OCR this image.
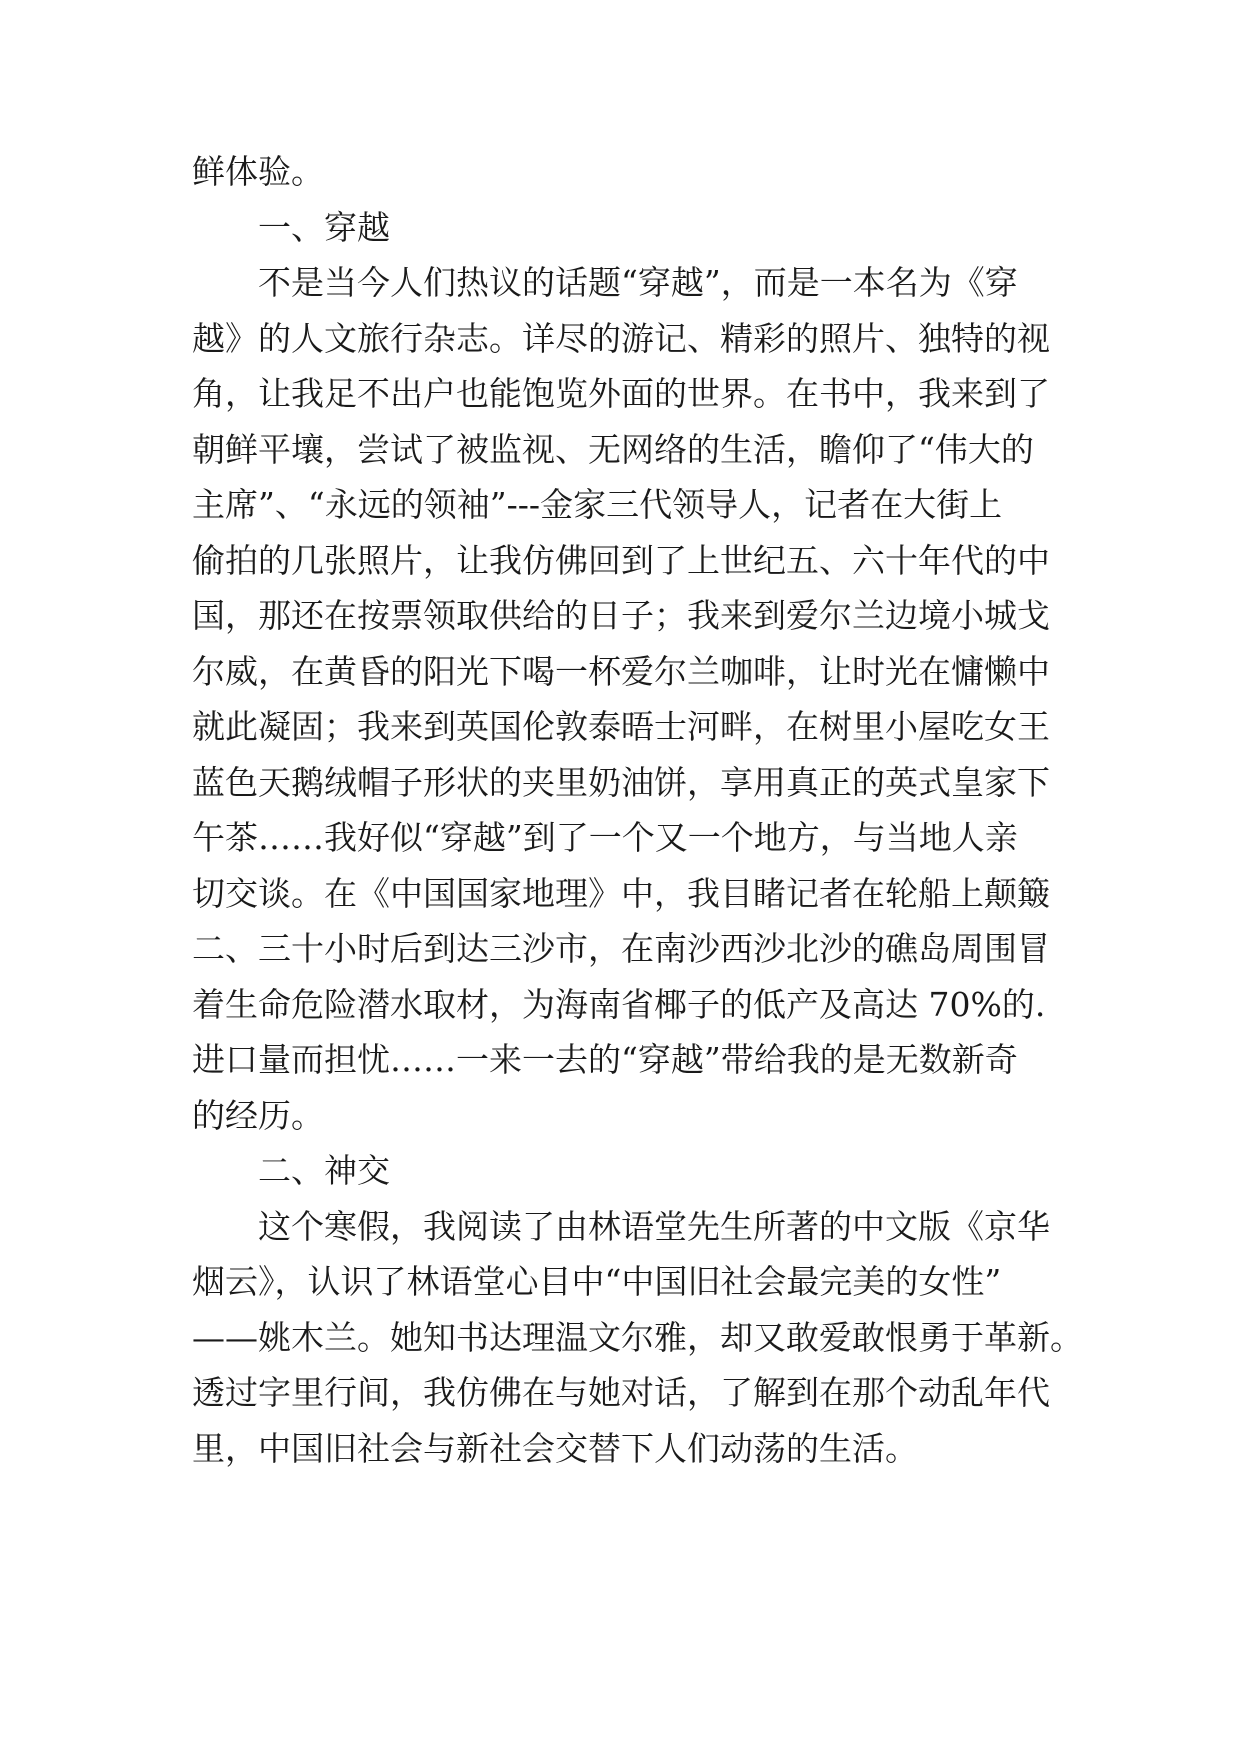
鲜体验。
一、穿越
不是当今人们热议的话题“穿越”，而是一本名为《穿
越》的人文旅行杂志。详尽的游记、精彩的照片、独特的视
角，让我足不出户也能饱览外面的世界。在书中，我来到了
朝鲜平壤，尝试了被监视、无网络的生活，瞻仰了“伟大的
主席”、“永远的领袖”---金家三代领导人，记者在大街上
偷拍的几张照片，让我仿佛回到了上世纪五、六十年代的中
国，那还在按票领取供给的日子；我来到爱尔兰边境小城戈
尔威，在黄昏的阳光下喝一杯爱尔兰咖啡，让时光在慵懒中
就此凝固；我来到英国伦敦泰晤士河畔，在树里小屋吃女王
蓝色天鹅绒帽子形状的夹里奶油饼，享用真正的英式皇家下
午茶……我好似“穿越”到了一个又一个地方，与当地人亲
切交谈。在《中国国家地理》中，我目睹记者在轮船上颠簸
二、三十小时后到达三沙市，在南沙西沙北沙的礁岛周围冒
着生命危险潜水取材，为海南省椰子的低产及高达 70%的.
进口量而担忧……一来一去的“穿越”带给我的是无数新奇
的经历。
二、神交
这个寒假，我阅读了由林语堂先生所著的中文版《京华
烟云》，认识了林语堂心目中“中国旧社会最完美的女性”
——姚木兰。她知书达理温文尔雅，却又敢爱敢恨勇于革新。
透过字里行间，我仿佛在与她对话，了解到在那个动乱年代
里，中国旧社会与新社会交替下人们动荡的生活。
